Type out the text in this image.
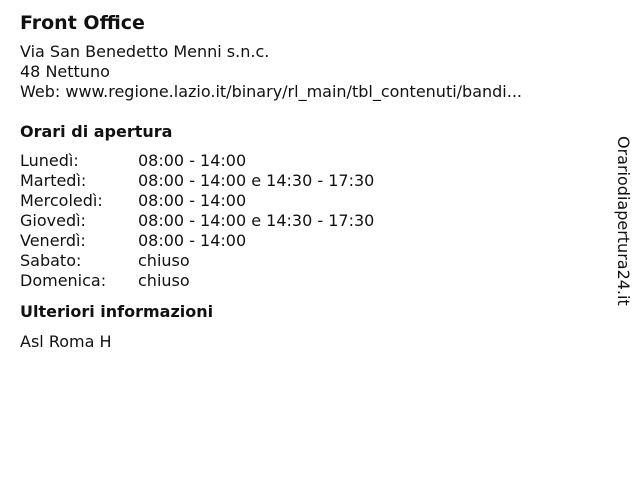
Front Office
Via San Benedetto Menni s.n.c.
48 Nettuno
Web: www.regione.lazio.it/binary/rl_main/tbl_contenuti/bandi...
Orari di apertura
Lunedì:	08:00 - 14:00
Martedì:	08:00 - 14:00 e 14:30 - 17:30
Mercoledì:	08:00 - 14:00
Giovedì:	08:00 - 14:00 e 14:30 - 17:30
Venerdì:	08:00 - 14:00
Sabato:	chiuso
Domenica:	chiuso
Ulteriori informazioni
Asl Roma H
Orariodiapertura24.it
